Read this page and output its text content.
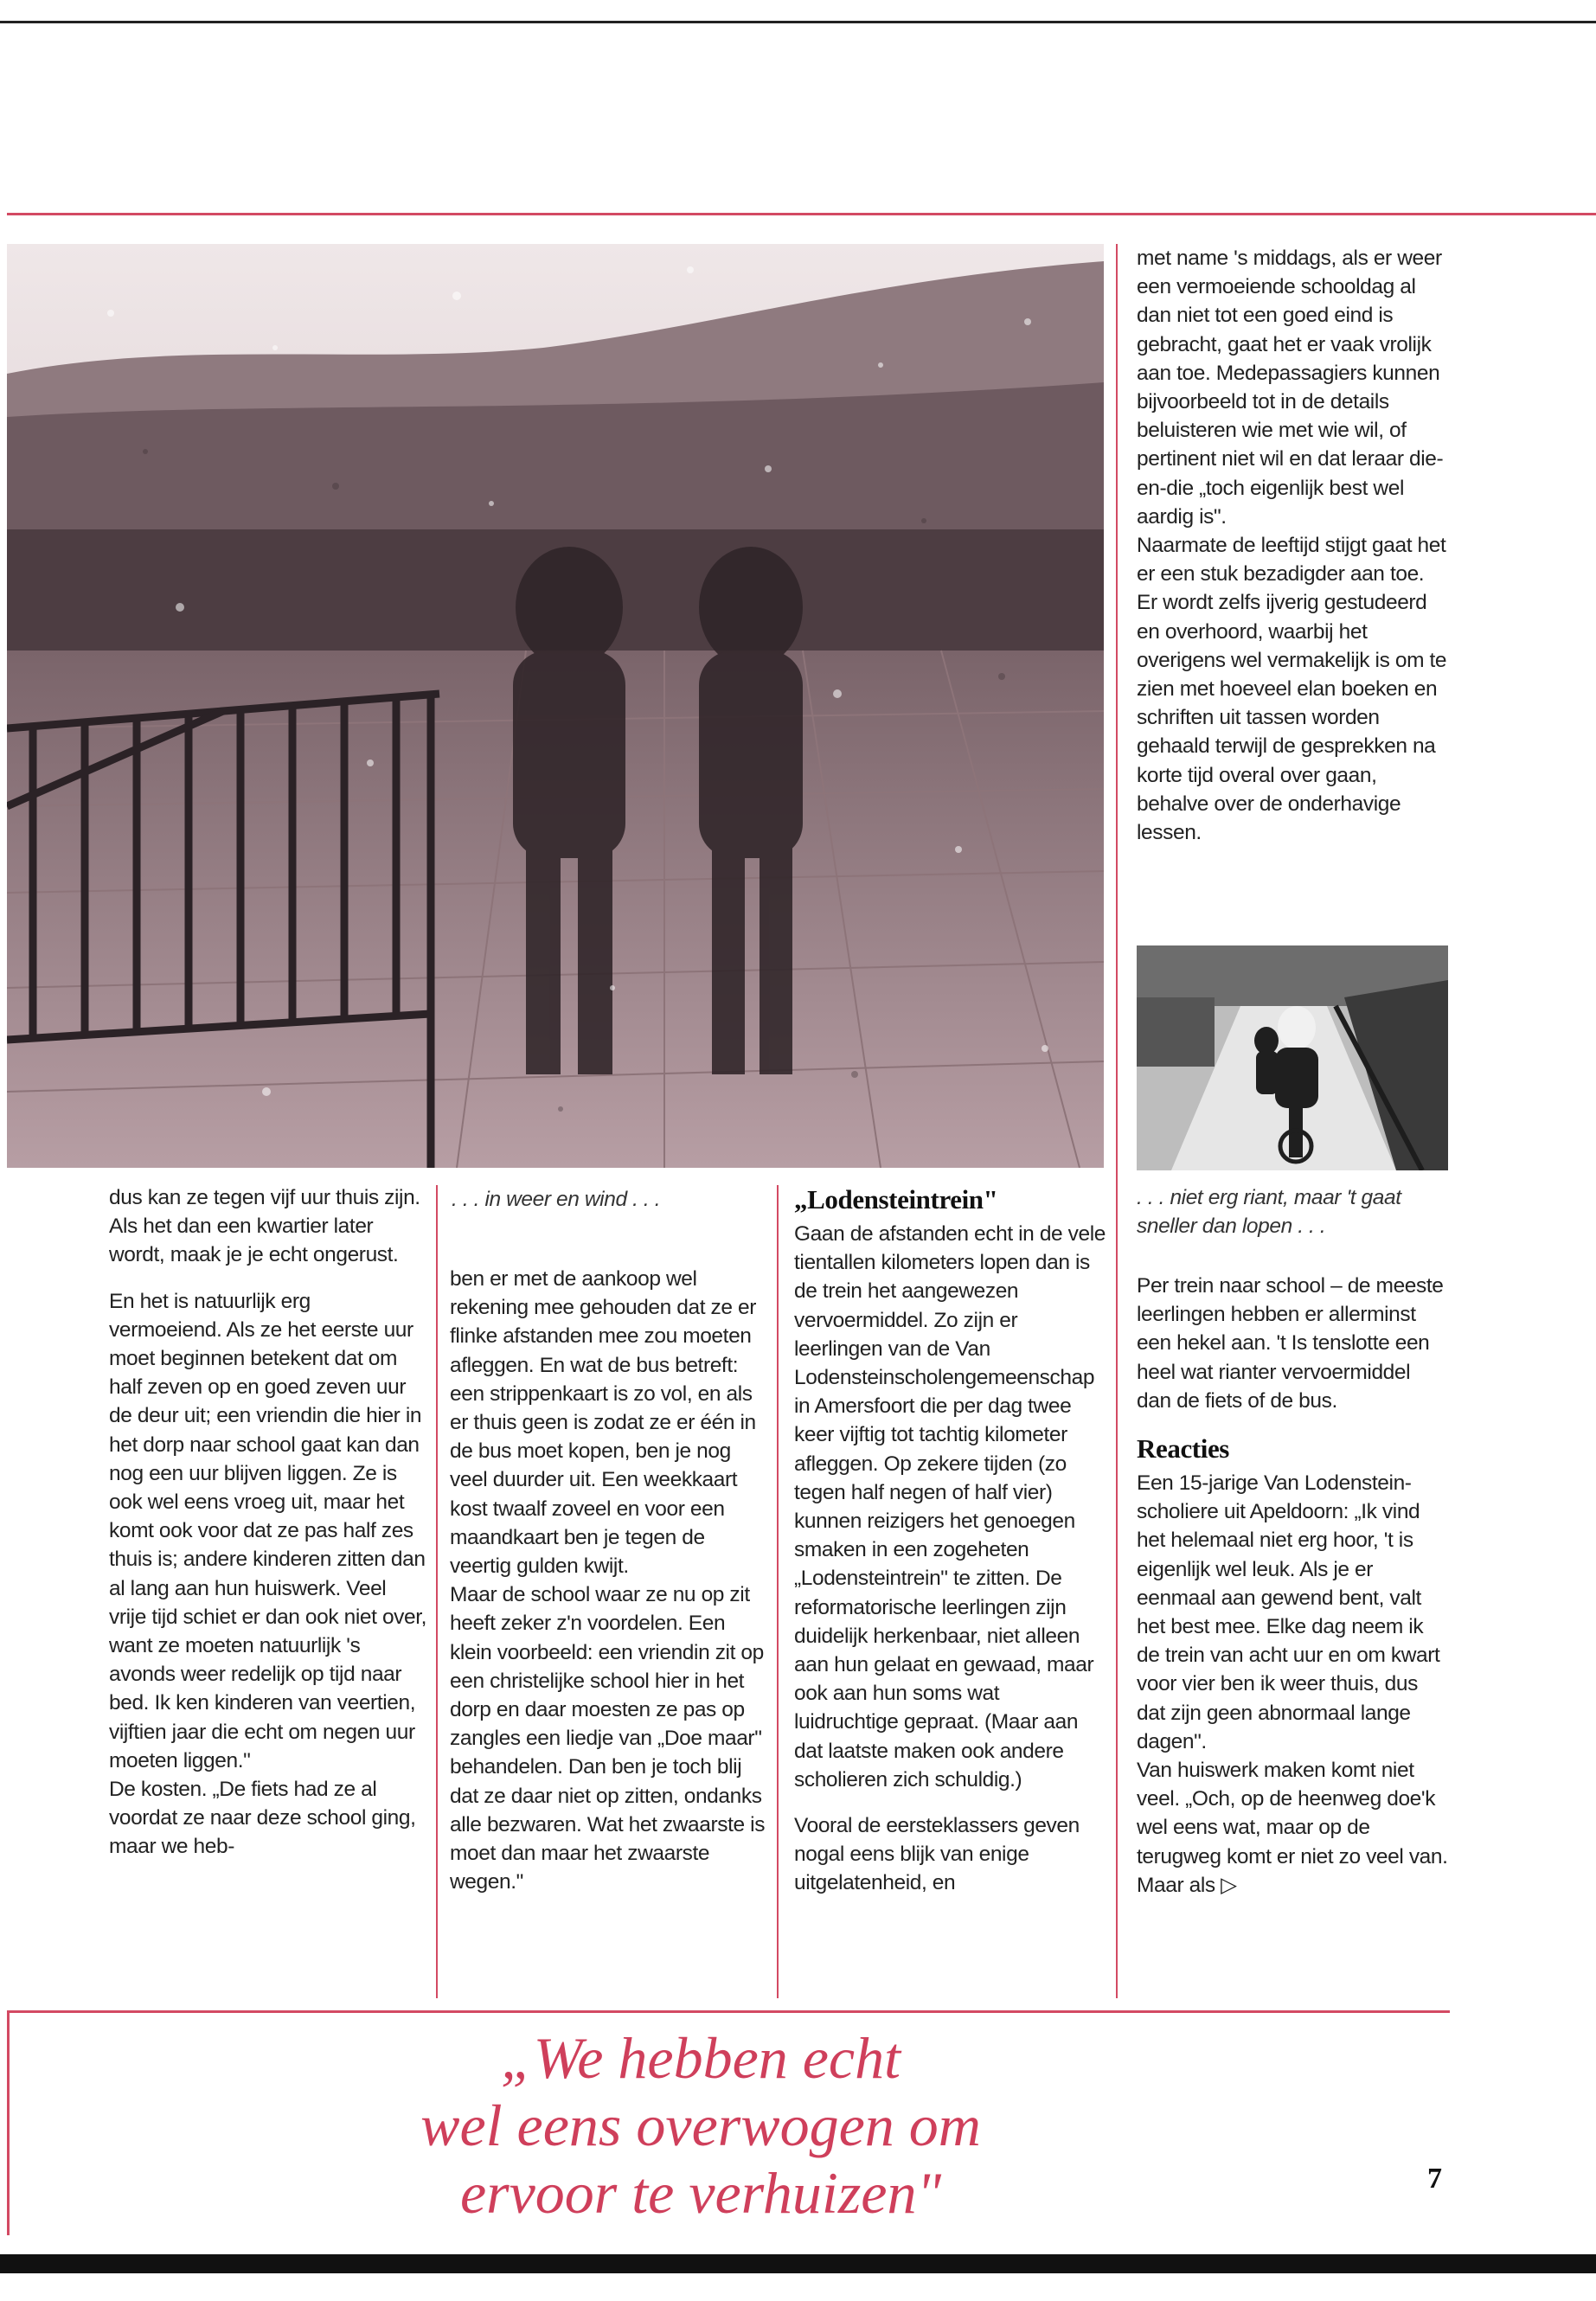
. . . in weer en wind . . .	. . . niet erg riant, maar 't gaat sneller dan lopen . . .

dus kan ze tegen vijf uur thuis zijn. Als het dan een kwartier later wordt, maak je je echt ongerust.

En het is natuurlijk erg vermoeiend. Als ze het eerste uur moet beginnen betekent dat om half zeven op en goed zeven uur de deur uit; een vriendin die hier in het dorp naar school gaat kan dan nog een uur blijven liggen. Ze is ook wel eens vroeg uit, maar het komt ook voor dat ze pas half zes thuis is; andere kinderen zitten dan al lang aan hun huiswerk. Veel vrije tijd schiet er dan ook niet over, want ze moeten natuurlijk 's avonds weer redelijk op tijd naar bed. Ik ken kinderen van veertien, vijftien jaar die echt om negen uur moeten liggen."

De kosten. „De fiets had ze al voordat ze naar deze school ging, maar we heb-

ben er met de aankoop wel rekening mee gehouden dat ze er flinke afstanden mee zou moeten afleggen. En wat de bus betreft: een strippenkaart is zo vol, en als er thuis geen is zodat ze er één in de bus moet kopen, ben je nog veel duurder uit. Een weekkaart kost twaalf zoveel en voor een maandkaart ben je tegen de veertig gulden kwijt.

Maar de school waar ze nu op zit heeft zeker z'n voordelen. Een klein voorbeeld: een vriendin zit op een christelijke school hier in het dorp en daar moesten ze pas op zangles een liedje van „Doe maar" behandelen. Dan ben je toch blij dat ze daar niet op zitten, ondanks alle bezwaren. Wat het zwaarste is moet dan maar het zwaarste wegen."

„Lodensteintrein"

Gaan de afstanden echt in de vele tientallen kilometers lopen dan is de trein het aangewezen vervoermiddel. Zo zijn er leerlingen van de Van Lodensteinscholengemeenschap in Amersfoort die per dag twee keer vijftig tot tachtig kilometer afleggen. Op zekere tijden (zo tegen half negen of half vier) kunnen reizigers het genoegen smaken in een zogeheten „Lodensteintrein" te zitten. De reformatorische leerlingen zijn duidelijk herkenbaar, niet alleen aan hun gelaat en gewaad, maar ook aan hun soms wat luidruchtige gepraat. (Maar aan dat laatste maken ook andere scholieren zich schuldig.)

Vooral de eersteklassers geven nogal eens blijk van enige uitgelatenheid, en

met name 's middags, als er weer een vermoeiende schooldag al dan niet tot een goed eind is gebracht, gaat het er vaak vrolijk aan toe. Medepassagiers kunnen bijvoorbeeld tot in de details beluisteren wie met wie wil, of pertinent niet wil en dat leraar die-en-die „toch eigenlijk best wel aardig is".

Naarmate de leeftijd stijgt gaat het er een stuk bezadigder aan toe. Er wordt zelfs ijverig gestudeerd en overhoord, waarbij het overigens wel vermakelijk is om te zien met hoeveel elan boeken en schriften uit tassen worden gehaald terwijl de gesprekken na korte tijd overal over gaan, behalve over de onderhavige lessen.

Per trein naar school – de meeste leerlingen hebben er allerminst een hekel aan. 't Is tenslotte een heel wat rianter vervoermiddel dan de fiets of de bus.

Reacties

Een 15-jarige Van Lodenstein-scholiere uit Apeldoorn: „Ik vind het helemaal niet erg hoor, 't is eigenlijk wel leuk. Als je er eenmaal aan gewend bent, valt het best mee. Elke dag neem ik de trein van acht uur en om kwart voor vier ben ik weer thuis, dus dat zijn geen abnormaal lange dagen".

Van huiswerk maken komt niet veel. „Och, op de heenweg doe'k wel eens wat, maar op de terugweg komt er niet zo veel van. Maar als ▷

„We hebben echt
wel eens overwogen om
ervoor te verhuizen"	7
